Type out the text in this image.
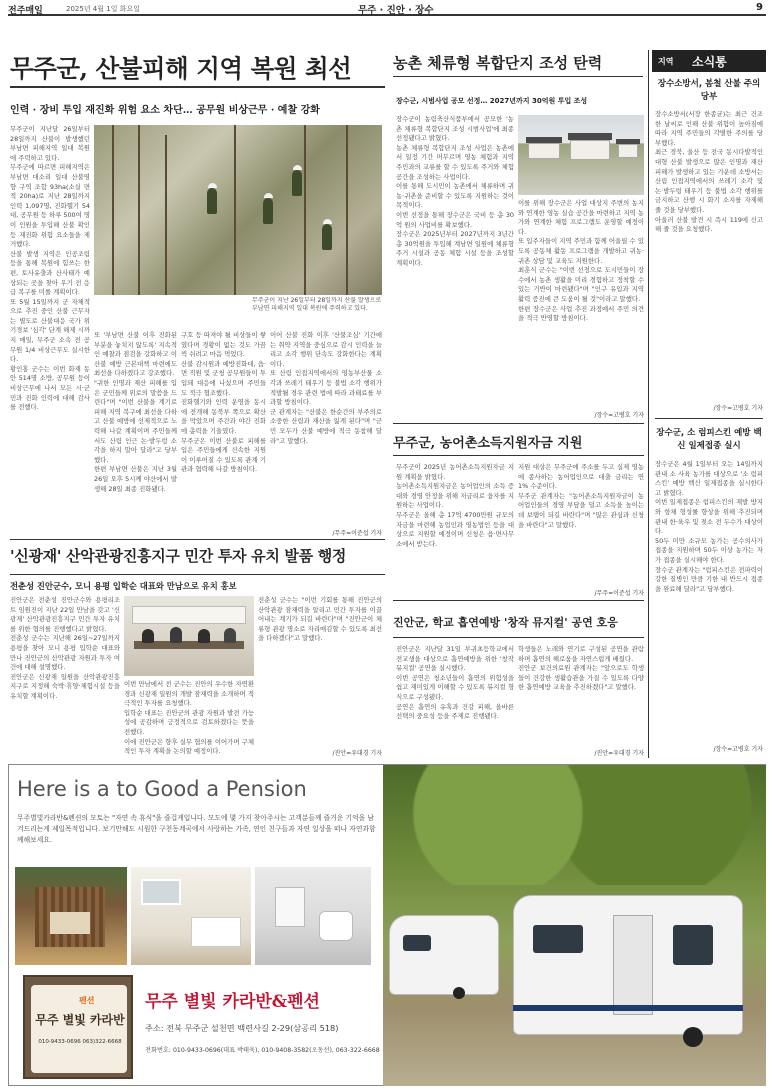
전주매일	2025년 4월 1일 화요일	무주 · 진안 · 장수	9
무주군, 산불피해 지역 복원 최선
인력 · 장비 투입 재진화 위험 요소 차단… 공무원 비상근무 · 예찰 강화
무주군이 지난달 26일부터 28일까지 산불이 발생했던 부남면 피해지역 일대 복원에 주력하고 있다.
무주군에 따르면 피해지역은 부남면 대소리 일대 산불영향 구역 조합 93ha(소실 면적 20ha)로 지난 28일까지 인력 1,097명, 진화헬기 54대, 공무원 등 하루 500여 명이 인원을 투입해 산불 확인 등 재진화 위험 요소들을 제거했다.
산불 발생 지역은 인공조림 등을 통해 복원에 힘쓰는 한편, 토사유출과 산사태가 예상되는 곳을 찾아 우기 전 응급 복구를 미룰 계획이다.
또 5월 15일까지 군 자체적으로 추진 중인 산불 근무자는 별도로 산불대응 국가 위기경보 '심각' 단계 해제 시까지 매일, 무주군 소속 전 공무원 1/4 비상근무도 실시한다.
황인홍 군수는 이번 화재 동안 514명 소방, 공무원 등이 비상근무에 나서 모든 시·군민과 진화 인력에 대해 감사를 전했다.
무주군이 지난 26일부터 28일까지 산불 발생으로 부남면 피해지역 일대 복원에 주력하고 있다.
또 '부남면 산불 이후 진화된 부분을 놓치지 않도록' 지속적인 예찰과 점검을 강화하고 이 산불 예방 근본대책 마련에도 최선을 다하겠다고 강조했다.
"귀한 인명과 재산 피해를 입은 군민들께 위로의 말씀을 드린다"며 "이번 산불을 계기로 피해 지역 복구에 최선을 다하고 산불 예방에 선제적으로 노력해 나갈 계획이며 주민들께서도 산림 인근 논·밭두렁 소각을 하지 말아 달라"고 당부했다.
한편 부남면 산불은 지난 3월 26일 오후 5시께 야산에서 발생해 28일 최종 진화됐다.
구호 등 따져야 될 비상들이 쌓였다며 경황이 없는 것도 가끔씩 쉬려고 마음 먹었다.
산불 감시원과 예방진화대, 읍·면 직원 및 군청 공무원들이 투입돼 대응에 나섰으며 주민들도 적극 협조했다.
진화헬기와 인력 운영을 동시에 전개해 동북부 쪽으로 확산을 막았으며 주간과 야간 진화에 총력을 기울였다.
무주군은 이번 산불로 피해를 입은 주민들에게 신속한 지원이 이루어질 수 있도록 관계 기관과 협력해 나갈 방침이다.
이어 산불 진화 이후 '산불조심' 기간에는 취약 지역을 중심으로 감시 인력을 늘리고 소각 행위 단속도 강화한다는 계획이다.
또 산림 인접지역에서의 영농부산물 소각과 쓰레기 태우기 등 불법 소각 행위가 적발될 경우 관련 법에 따라 과태료를 부과할 방침이다.
군 관계자는 "산불은 한순간의 부주의로 소중한 산림과 재산을 잃게 된다"며 "군민 모두가 산불 예방에 적극 동참해 달라"고 말했다.
/무주=이준섭 기자
'신광재' 산악관광진흥지구 민간 투자 유치 발품 행정
전춘성 진안군수, 모니 용평 입학순 대표와 만남으로 유치 홍보
진안군은 전춘성 진안군수와 용평리조트 임원진이 지난 22일 만남을 갖고 '신광재' 산악관광진흥지구 민간 투자 유치를 위한 협의를 진행했다고 밝혔다.
전춘성 군수는 지난해 26일~27일까지 용평을 찾아 모니 용평 입학순 대표와 만나 진안군의 산악관광 자원과 투자 여건에 대해 설명했다.
진안군은 신광재 일원을 산악관광진흥지구로 지정해 숙박·휴양·체험시설 등을 유치할 계획이다.
이번 만남에서 전 군수는 진안의 우수한 자연환경과 신광재 일원의 개발 잠재력을 소개하며 적극적인 투자를 요청했다.
입학순 대표는 진안군의 관광 자원과 발전 가능성에 공감하며 긍정적으로 검토하겠다는 뜻을 전했다.
이에 진안군은 향후 실무 협의를 이어가며 구체적인 투자 계획을 논의할 예정이다.
전춘성 군수는 "이번 기회를 통해 진안군의 산악관광 잠재력을 알리고 민간 투자를 이끌어내는 계기가 되길 바란다"며 "진안군이 체류형 관광 명소로 자리매김할 수 있도록 최선을 다하겠다"고 말했다.
/진안=우대경 기자
농촌 체류형 복합단지 조성 탄력
장수군, 시범사업 공모 선정… 2027년까지 30억원 투입 조성
장수군이 농림축산식품부에서 공모한 '농촌 체류형 복합단지 조성 시범사업'에 최종 선정됐다고 밝혔다.
농촌 체류형 복합단지 조성 사업은 농촌에서 일정 기간 머무르며 영농 체험과 지역 주민과의 교류를 할 수 있도록 주거와 체험 공간을 조성하는 사업이다.
이를 통해 도시민이 농촌에서 체류하며 귀농·귀촌을 준비할 수 있도록 지원하는 것이 목적이다.
이번 선정을 통해 장수군은 국비 등 총 30억 원의 사업비를 확보했다.
장수군은 2025년부터 2027년까지 3년간 총 30억원을 투입해 계남면 일원에 체류형 주거 시설과 공동 체험 시설 등을 조성할 계획이다.
이를 위해 장수군은 사업 대상지 주변의 농지와 연계한 영농 실습 공간을 마련하고 지역 농가와 연계한 체험 프로그램도 운영할 예정이다.
또 입주자들이 지역 주민과 함께 어울릴 수 있도록 공동체 활동 프로그램을 개발하고 귀농·귀촌 상담 및 교육도 지원한다.
최훈식 군수는 "이번 선정으로 도시민들이 장수에서 농촌 생활을 미리 경험하고 정착할 수 있는 기반이 마련됐다"며 "인구 유입과 지역 활력 증진에 큰 도움이 될 것"이라고 말했다.
한편 장수군은 사업 추진 과정에서 주민 의견을 적극 반영할 방침이다.
/장수=고병호 기자
무주군, 농어촌소득지원자금 지원
무주군이 2025년 농어촌소득지원자금 지원 계획을 밝혔다.
농어촌소득지원자금은 농어업인의 소득 증대와 경영 안정을 위해 저금리로 융자를 지원하는 사업이다.
무주군은 올해 총 17억 4700만원 규모의 자금을 마련해 농업인과 영농법인 등을 대상으로 지원할 예정이며 신청은 읍·면사무소에서 받는다.
지원 대상은 무주군에 주소를 두고 실제 영농에 종사하는 농어업인으로 대출 금리는 연 1% 수준이다.
무주군 관계자는 "농어촌소득지원자금이 농어업인들의 경영 부담을 덜고 소득을 높이는 데 보탬이 되길 바란다"며 "많은 관심과 신청을 바란다"고 말했다.
/무주=이준섭 기자
진안군, 학교 흡연예방 '창작 뮤지컬' 공연 호응
진안군은 지난달 31일 부귀초등학교에서 전교생을 대상으로 흡연예방을 위한 '창작 뮤지컬' 공연을 실시했다.
이번 공연은 청소년들이 흡연의 위험성을 쉽고 재미있게 이해할 수 있도록 뮤지컬 형식으로 구성됐다.
공연은 흡연의 유혹과 건강 피해, 올바른 선택의 중요성 등을 주제로 진행됐다.
학생들은 노래와 연기로 구성된 공연을 관람하며 흡연의 해로움을 자연스럽게 배웠다.
진안군 보건의료원 관계자는 "앞으로도 학생들이 건강한 생활습관을 가질 수 있도록 다양한 흡연예방 교육을 추진하겠다"고 말했다.
/진안=우대경 기자
지역 소식통
장수소방서, 봄철 산불 주의 당부
장수소방서(서장 한종균)는 최근 건조한 날씨로 인해 산불 위험이 높아짐에 따라 지역 주민들의 각별한 주의를 당부했다.
최근 경북, 울산 등 전국 동시다발적인 대형 산불 발생으로 많은 인명과 재산 피해가 발생하고 있는 가운데 소방서는 산림 인접지역에서의 쓰레기 소각 및 논·밭두렁 태우기 등 불법 소각 행위를 금지하고 산행 시 화기 소지를 자제해 줄 것을 당부했다.
아울러 산불 발견 시 즉시 119에 신고해 줄 것을 요청했다.
/장수=고병호 기자
장수군, 소 럼피스킨 예방 백신 일제접종 실시
장수군은 4월 1일부터 오는 14일까지 관내 소 사육 농가를 대상으로 '소 럼피스킨' 예방 백신 일제접종을 실시한다고 밝혔다.
이번 일제접종은 럼피스킨의 재발 방지와 항체 형성률 향상을 위해 추진되며 관내 한·육우 및 젖소 전 두수가 대상이다.
50두 미만 소규모 농가는 공수의사가 접종을 지원하며 50두 이상 농가는 자가 접종을 실시해야 한다.
장수군 관계자는 "럼피스킨은 전파력이 강한 질병인 만큼 기한 내 반드시 접종을 완료해 달라"고 당부했다.
/장수=고병호 기자
Here is a to Good a Pension
무주별빛카라반&펜션의 모토는 "자연 속 휴식"을 즐겁게입니다. 모도에 몇 가지 찾아주시는 고객분들께 즐거운 기억을 남겨드리는게 제일목적입니다. 보기만해도 시원한 구천동계곡에서 사랑하는 가족, 연인 친구들과 자연 일상을 떠나 자연과함께해보세요.
펜션
무주 별빛 카라반
010-9433-0696 063)322-6668
무주 별빛 카라반&펜션
주소: 전북 무주군 설천면 백련사길 2-29(삼공리 518)
전화번호: 010-9433-0696(대표 박태욱), 010-9408-3582(오동선), 063-322-6668
